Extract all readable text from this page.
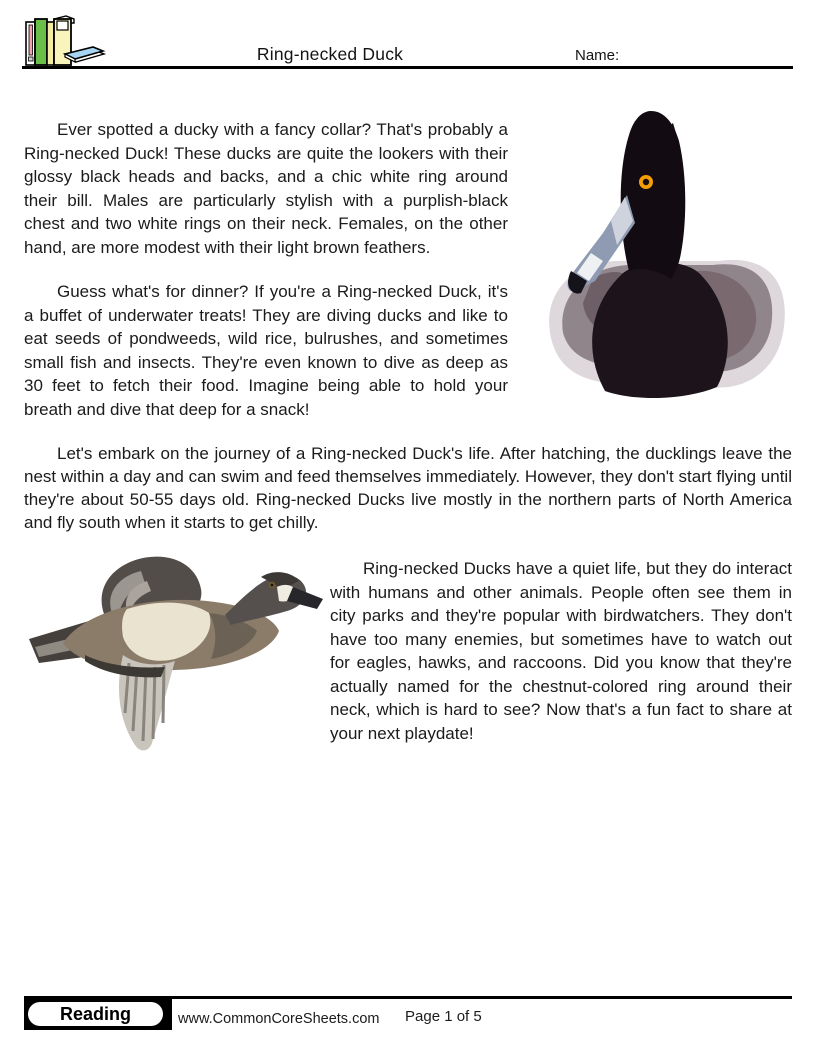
Ring-necked Duck	Name:

Ever spotted a ducky with a fancy collar? That's probably a Ring-necked Duck! These ducks are quite the lookers with their glossy black heads and backs, and a chic white ring around their bill. Males are particularly stylish with a purplish-black chest and two white rings on their neck. Females, on the other hand, are more modest with their light brown feathers.

Guess what's for dinner? If you're a Ring-necked Duck, it's a buffet of underwater treats! They are diving ducks and like to eat seeds of pondweeds, wild rice, bulrushes, and sometimes small fish and insects. They're even known to dive as deep as 30 feet to fetch their food. Imagine being able to hold your breath and dive that deep for a snack!

Let's embark on the journey of a Ring-necked Duck's life. After hatching, the ducklings leave the nest within a day and can swim and feed themselves immediately. However, they don't start flying until they're about 50-55 days old. Ring-necked Ducks live mostly in the northern parts of North America and fly south when it starts to get chilly.

Ring-necked Ducks have a quiet life, but they do interact with humans and other animals. People often see them in city parks and they're popular with birdwatchers. They don't have too many enemies, but sometimes have to watch out for eagles, hawks, and raccoons. Did you know that they're actually named for the chestnut-colored ring around their neck, which is hard to see? Now that's a fun fact to share at your next playdate!

Reading	www.CommonCoreSheets.com Page 1 of 5
